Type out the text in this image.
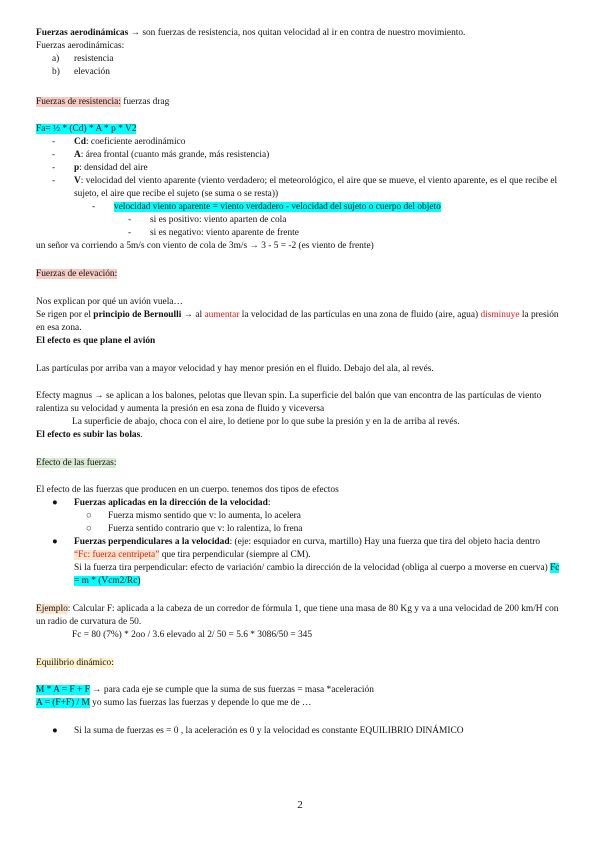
Fuerzas aerodinámicas → son fuerzas de resistencia, nos quitan velocidad al ir en contra de nuestro movimiento.
Fuerzas aerodinámicas:
a) resistencia
b) elevación
Fuerzas de resistencia: fuerzas drag
Fa= ½ * (Cd) * A * p * V2
- Cd: coeficiente aerodinámico
- A: área frontal (cuanto más grande, más resistencia)
- p: densidad del aire
- V: velocidad del viento aparente (viento verdadero; el meteorológico, el aire que se mueve, el viento aparente, es el que recibe el sujeto, el aire que recibe el sujeto (se suma o se resta))
- velocidad viento aparente = viento verdadero - velocidad del sujeto o cuerpo del objeto
- si es positivo: viento aparten de cola
- si es negativo: viento aparente de frente
un señor va corriendo a 5m/s con viento de cola de 3m/s → 3 - 5 = -2 (es viento de frente)
Fuerzas de elevación:
Nos explican por qué un avión vuela…
Se rigen por el principio de Bernoulli → al aumentar la velocidad de las partículas en una zona de fluido (aire, agua) disminuye la presión en esa zona.
El efecto es que plane el avión
Las partículas por arriba van a mayor velocidad y hay menor presión en el fluido. Debajo del ala, al revés.
Efecty magnus → se aplican a los balones, pelotas que llevan spin. La superficie del balón que van encontra de las partículas de viento ralentiza su velocidad y aumenta la presión en esa zona de fluido y viceversa
La superficie de abajo, choca con el aire, lo detiene por lo que sube la presión y en la de arriba al revés.
El efecto es subir las bolas.
Efecto de las fuerzas:
El efecto de las fuerzas que producen en un cuerpo. tenemos dos tipos de efectos
● Fuerzas aplicadas en la dirección de la velocidad:
○ Fuerza mismo sentido que v: lo aumenta, lo acelera
○ Fuerza sentido contrario que v: lo ralentiza, lo frena
● Fuerzas perpendiculares a la velocidad: (eje: esquiador en curva, martillo) Hay una fuerza que tira del objeto hacia dentro
“Fc: fuerza centrípeta” que tira perpendicular (siempre al CM).
Si la fuerza tira perpendicular: efecto de variación/ cambio la dirección de la velocidad (obliga al cuerpo a moverse en cuerva) Fc = m * (Vcm2/Rc)
Ejemplo: Calcular F: aplicada a la cabeza de un corredor de fórmula 1, que tiene una masa de 80 Kg y va a una velocidad de 200 km/H con un radio de curvatura de 50.
Fc = 80 (7%) * 2oo / 3.6 elevado al 2/ 50 = 5.6 * 3086/50 = 345
Equilibrio dinámico:
M * A = F + F → para cada eje se cumple que la suma de sus fuerzas = masa *aceleración
A = (F+F) / M yo sumo las fuerzas las fuerzas y depende lo que me de …
● Si la suma de fuerzas es = 0 , la aceleración es 0 y la velocidad es constante EQUILIBRIO DINÁMICO
2
